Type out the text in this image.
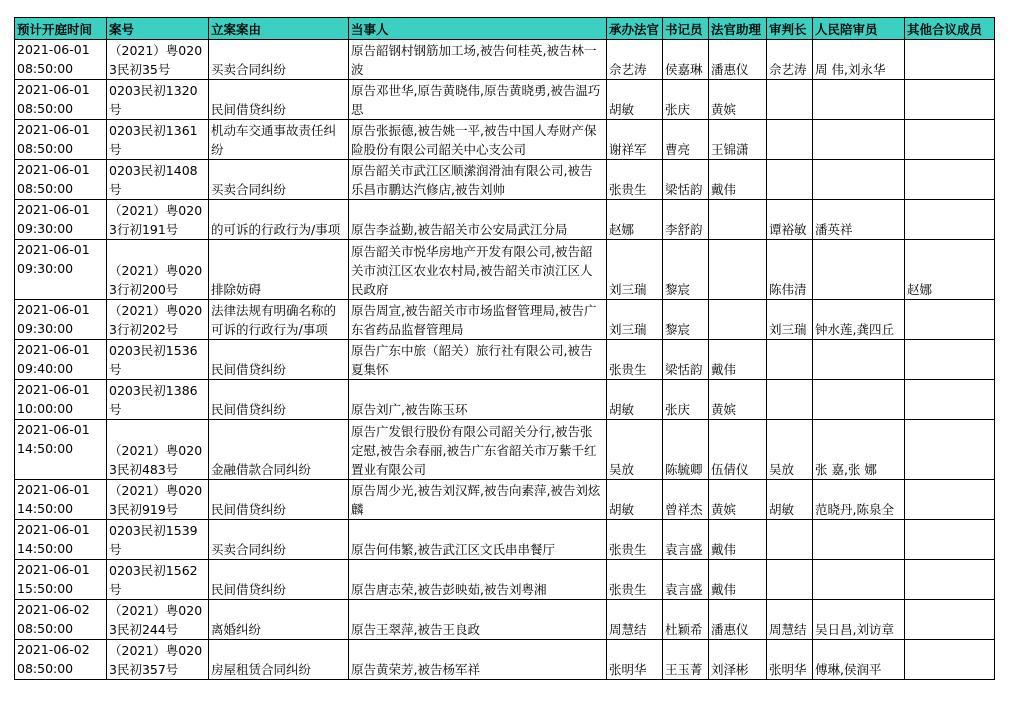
预计开庭时间	案号	立案案由	当事人	承办法官	书记员	法官助理	审判长	人民陪审员	其他合议成员
2021-06-01
08:50:00	（2021）粤0203民初35号	买卖合同纠纷	原告韶钢村钢筋加工场,被告何桂英,被告林一波	佘艺涛	侯嘉琳	潘惠仪	佘艺涛	周 伟,刘永华	
2021-06-01
08:50:00	0203民初1320号	民间借贷纠纷	原告邓世华,原告黄晓伟,原告黄晓勇,被告温巧思	胡敏	张庆	黄嫔			
2021-06-01
08:50:00	0203民初1361号	机动车交通事故责任纠纷	原告张振德,被告姚一平,被告中国人寿财产保险股份有限公司韶关中心支公司	谢祥军	曹亮	王锦潇			
2021-06-01
08:50:00	0203民初1408号	买卖合同纠纷	原告韶关市武江区顺潆润滑油有限公司,被告乐昌市鹏达汽修店,被告刘帅	张贵生	梁恬韵	戴伟			
2021-06-01
09:30:00	（2021）粤0203行初191号	的可诉的行政行为/事项	原告李益勤,被告韶关市公安局武江分局	赵娜	李舒韵		谭裕敏	潘英祥	
2021-06-01
09:30:00	（2021）粤0203行初200号	排除妨碍	原告韶关市悦华房地产开发有限公司,被告韶关市浈江区农业农村局,被告韶关市浈江区人民政府	刘三瑞	黎宸		陈伟清		赵娜
2021-06-01
09:30:00	（2021）粤0203行初202号	法律法规有明确名称的可诉的行政行为/事项	原告周宣,被告韶关市市场监督管理局,被告广东省药品监督管理局	刘三瑞	黎宸		刘三瑞	钟水莲,龚四丘	
2021-06-01
09:40:00	0203民初1536号	民间借贷纠纷	原告广东中旅（韶关）旅行社有限公司,被告夏集怀	张贵生	梁恬韵	戴伟			
2021-06-01
10:00:00	0203民初1386号	民间借贷纠纷	原告刘广,被告陈玉环	胡敏	张庆	黄嫔			
2021-06-01
14:50:00	（2021）粤0203民初483号	金融借款合同纠纷	原告广发银行股份有限公司韶关分行,被告张定慰,被告余春丽,被告广东省韶关市万紫千红置业有限公司	吴放	陈毓卿	伍倩仪	吴放	张 嘉,张 娜	
2021-06-01
14:50:00	（2021）粤0203民初919号	民间借贷纠纷	原告周少光,被告刘汉辉,被告向素萍,被告刘炫麟	胡敏	曾祥杰	黄嫔	胡敏	范晓丹,陈泉全	
2021-06-01
14:50:00	0203民初1539号	买卖合同纠纷	原告何伟繁,被告武江区文氏串串餐厅	张贵生	袁言盛	戴伟			
2021-06-01
15:50:00	0203民初1562号	民间借贷纠纷	原告唐志荣,被告彭映茹,被告刘粤湘	张贵生	袁言盛	戴伟			
2021-06-02
08:50:00	（2021）粤0203民初244号	离婚纠纷	原告王翠萍,被告王良政	周慧结	杜颖希	潘惠仪	周慧结	吴日昌,刘访章	
2021-06-02
08:50:00	（2021）粤0203民初357号	房屋租赁合同纠纷	原告黄荣芳,被告杨军祥	张明华	王玉菁	刘泽彬	张明华	傅琳,侯润平	
